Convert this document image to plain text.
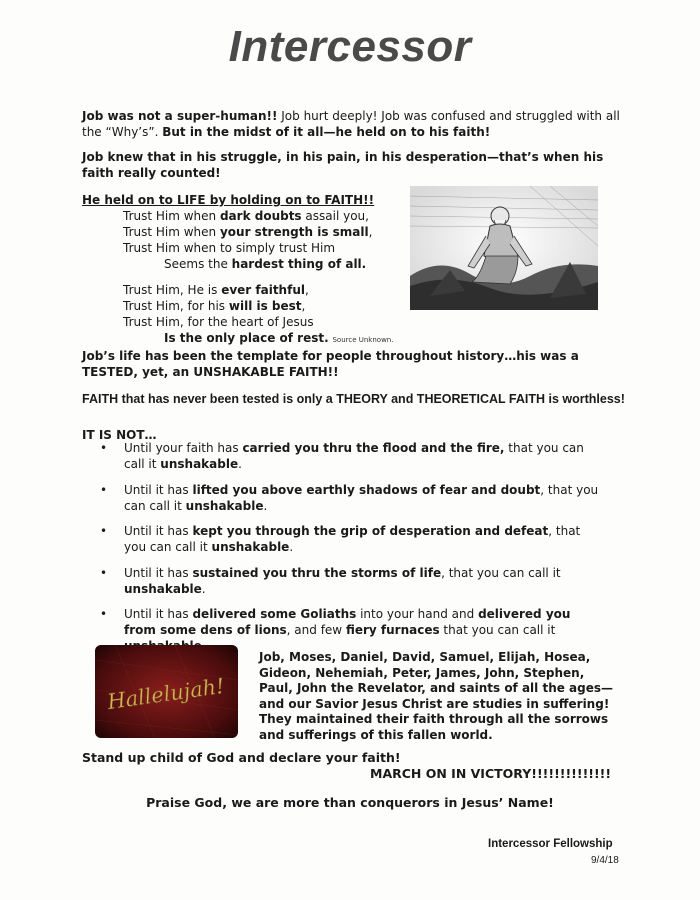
Intercessor
Job was not a super-human!! Job hurt deeply! Job was confused and struggled with all the “Why’s”. But in the midst of it all—he held on to his faith!
Job knew that in his struggle, in his pain, in his desperation—that’s when his faith really counted!
He held on to LIFE by holding on to FAITH!!
Trust Him when dark doubts assail you,
Trust Him when your strength is small,
Trust Him when to simply trust Him
Seems the hardest thing of all.
Trust Him, He is ever faithful,
Trust Him, for his will is best,
Trust Him, for the heart of Jesus
Is the only place of rest. Source Unknown.
Job’s life has been the template for people throughout history…his was a TESTED, yet, an UNSHAKABLE FAITH!!
FAITH that has never been tested is only a THEORY and THEORETICAL FAITH is worthless!
IT IS NOT…
• Until your faith has carried you thru the flood and the fire, that you can call it unshakable.
• Until it has lifted you above earthly shadows of fear and doubt, that you can call it unshakable.
• Until it has kept you through the grip of desperation and defeat, that you can call it unshakable.
• Until it has sustained you thru the storms of life, that you can call it unshakable.
• Until it has delivered some Goliaths into your hand and delivered you from some dens of lions, and few fiery furnaces that you can call it
Hallelujah!
Job, Moses, Daniel, David, Samuel, Elijah, Hosea, Gideon, Nehemiah, Peter, James, John, Stephen, Paul, John the Revelator, and saints of all the ages—and our Savior Jesus Christ are studies in suffering! They maintained their faith through all the sorrows and sufferings of this fallen world.
Stand up child of God and declare your faith!
MARCH ON IN VICTORY!!!!!!!!!!!!!!
Praise God, we are more than conquerors in Jesus’ Name!
Intercessor Fellowship
9/4/18
